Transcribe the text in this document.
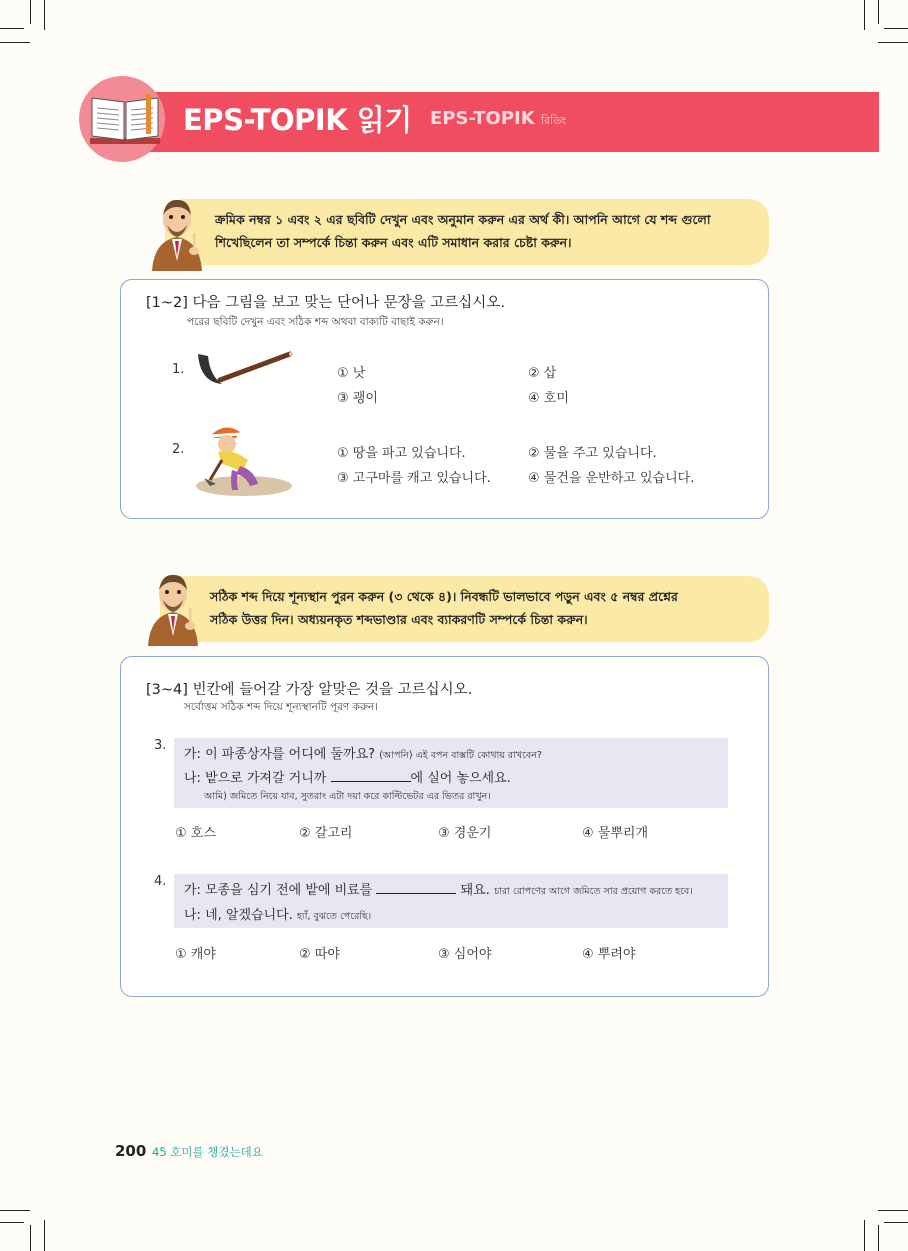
EPS-TOPIK 읽기 EPS-TOPIK রিডিং
ক্রমিক নম্বর ১ এবং ২ এর ছবিটি দেখুন এবং অনুমান করুন এর অর্থ কী। আপনি আগে যে শব্দ গুলো
শিখেছিলেন তা সম্পর্কে চিন্তা করুন এবং এটি সমাধান করার চেষ্টা করুন।
[1~2] 다음 그림을 보고 맞는 단어나 문장을 고르십시오.
পরের ছবিটি দেখুন এবং সঠিক শব্দ অথবা বাক্যটি বাছাই করুন।
1.	① 낫	② 삽
③ 괭이	④ 호미
2.	① 땅을 파고 있습니다.	② 물을 주고 있습니다.
③ 고구마를 캐고 있습니다.	④ 물건을 운반하고 있습니다.
সঠিক শব্দ দিয়ে শূন্যস্থান পুরন করুন (৩ থেকে ৪)। নিবন্ধটি ভালভাবে পড়ুন এবং ৫ নম্বর প্রশ্নের
সঠিক উত্তর দিন। অধ্যয়নকৃত শব্দভাণ্ডার এবং ব্যাকরণটি সম্পর্কে চিন্তা করুন।
[3~4] 빈칸에 들어갈 가장 알맞은 것을 고르십시오.
সর্বোত্তম সঠিক শব্দ দিয়ে শূন্যস্থানটি পূরণ করুন।
3.
가: 이 파종상자를 어디에 둘까요? (আপনি) এই বপন বাক্সটি কোথায় রাখবেন?
나: 밭으로 가져갈 거니까	에 실어 놓으세요.
আমি) জমিতে নিয়ে যাব, সুতরাং এটা দয়া করে কাল্টিভেটর এর ভিতর রাখুন।
① 호스	② 갈고리	③ 경운기	④ 물뿌리개
4.
가: 모종을 심기 전에 밭에 비료를	돼요. চারা রোপণের আগে জমিতে সার প্রয়োগ করতে হবে।
나: 네, 알겠습니다. হ্যাঁ, বুঝতে পেরেছি।
① 캐야	② 따야	③ 심어야	④ 뿌려야
200 45 호미를 챙겼는데요
